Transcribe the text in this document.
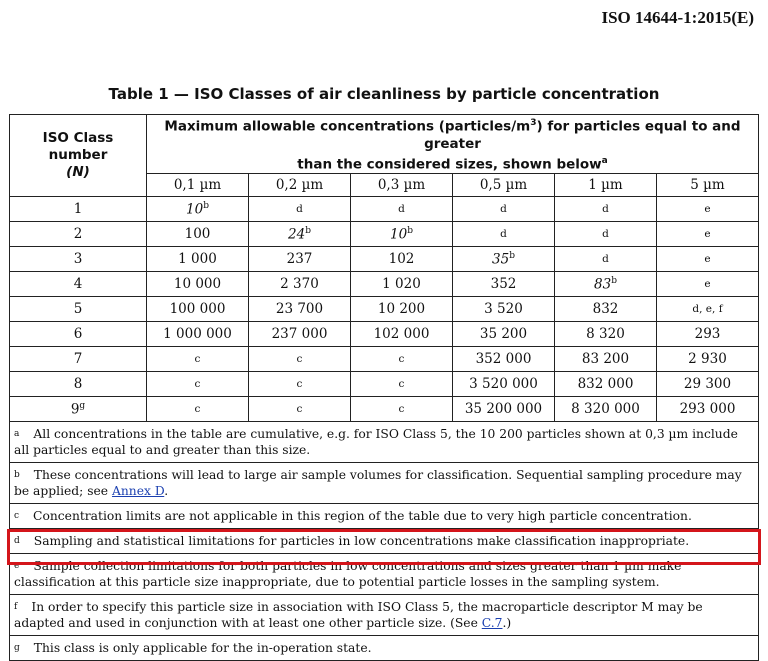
ISO 14644-1:2015(E)
Table 1 — ISO Classes of air cleanliness by particle concentration
ISO Class number
(N)	Maximum allowable concentrations $(particles/m^3)$ for particles equal to and greater
than the considered sizes, shown below$^a$
	0,1 µm	0,2 µm	0,3 µm	0,5 µm	1 µm	5 µm
1	10$^b$	d	d	d	d	e
2	100	24$^b$	10$^b$	d	d	e
3	1 000	237	102	35$^b$	d	e
4	10 000	2 370	1 020	352	83$^b$	e
5	100 000	23 700	10 200	3 520	832	d, e, f
6	1 000 000	237 000	102 000	35 200	8 320	293
7	c	c	c	352 000	83 200	2 930
8	c	c	c	3 520 000	832 000	29 300
9$^g$	c	c	c	35 200 000	8 320 000	293 000
$^a$ All concentrations in the table are cumulative, e.g. for ISO Class 5, the 10 200 particles shown at 0,3 µm include all particles equal to and greater than this size.						
$^b$ These concentrations will lead to large air sample volumes for classification. Sequential sampling procedure may be applied; see Annex D.						
$^c$ Concentration limits are not applicable in this region of the table due to very high particle concentration.						
$^d$ Sampling and statistical limitations for particles in low concentrations make classification inappropriate.						
$^e$ Sample collection limitations for both particles in low concentrations and sizes greater than 1 µm make classification at this particle size inappropriate, due to potential particle losses in the sampling system.						
$^f$ In order to specify this particle size in association with ISO Class 5, the macroparticle descriptor M may be adapted and used in conjunction with at least one other particle size. (See C.7.)						
$^g$ This class is only applicable for the in-operation state.						
